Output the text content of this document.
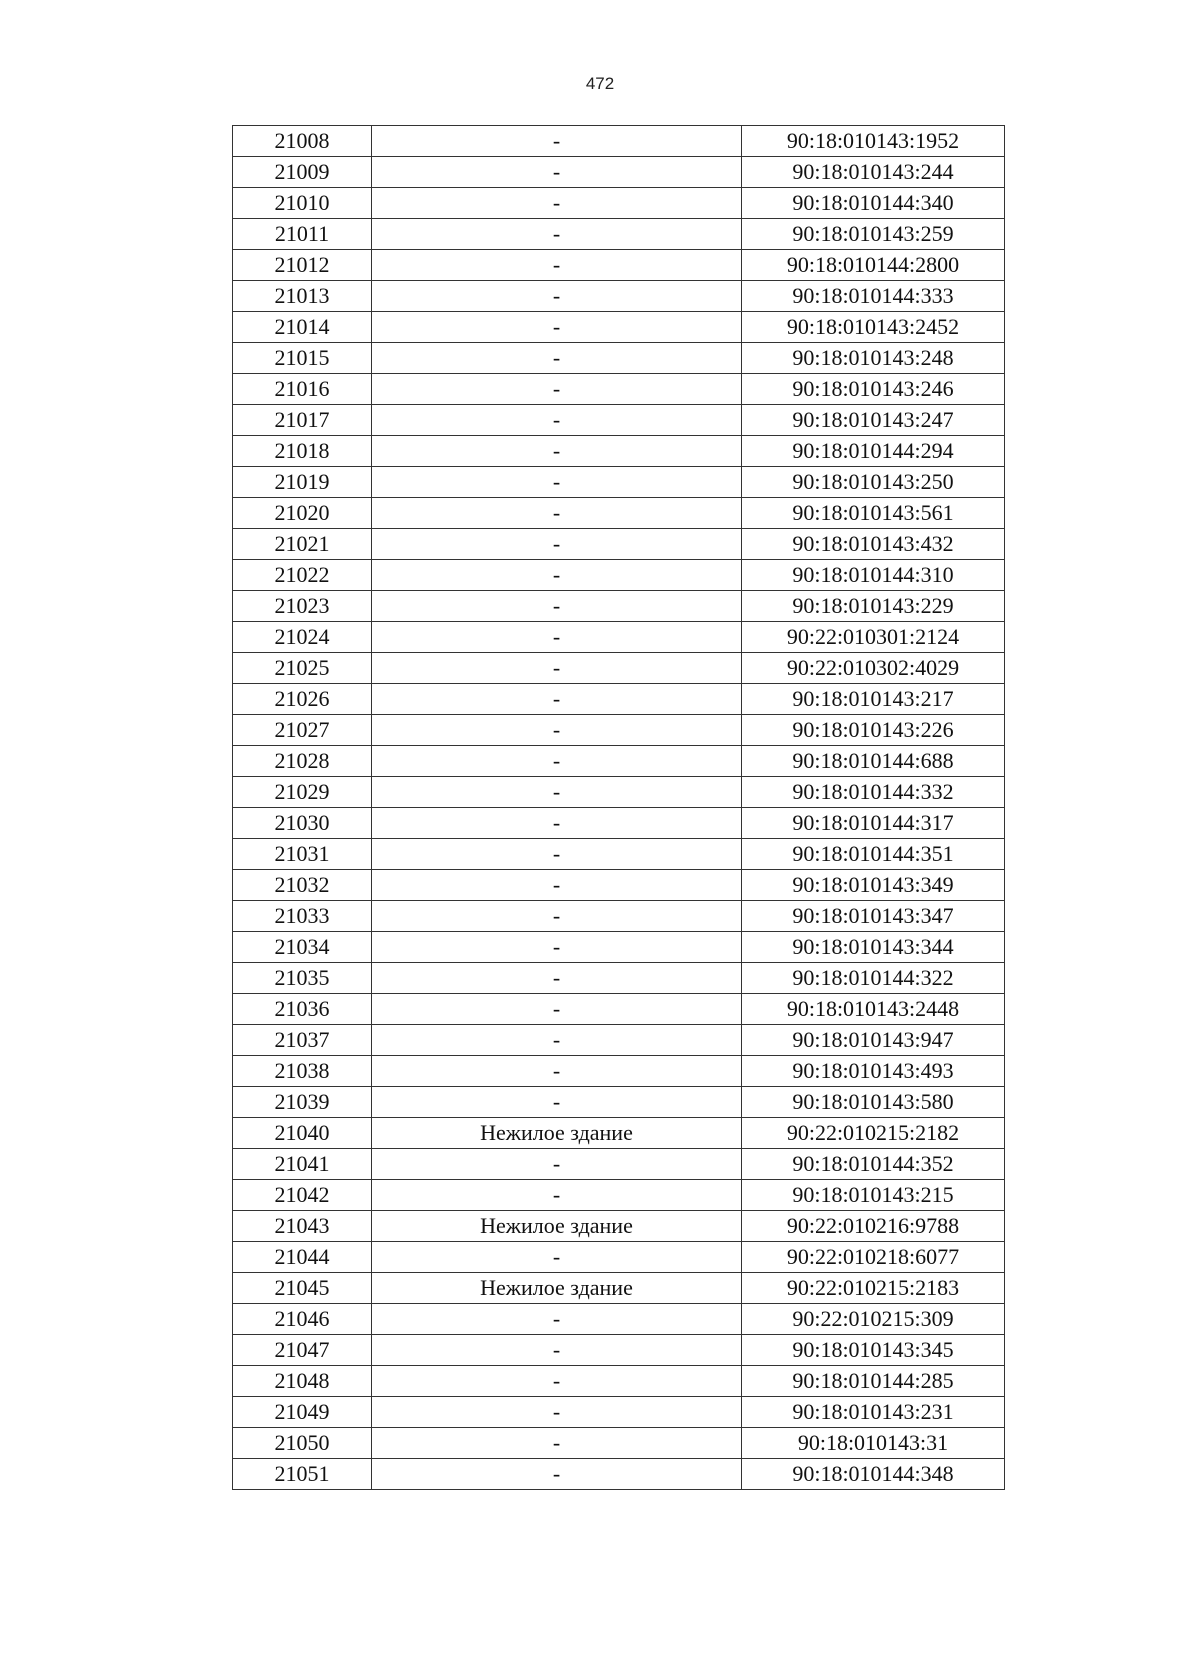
472
21008	-	90:18:010143:1952
21009	-	90:18:010143:244
21010	-	90:18:010144:340
21011	-	90:18:010143:259
21012	-	90:18:010144:2800
21013	-	90:18:010144:333
21014	-	90:18:010143:2452
21015	-	90:18:010143:248
21016	-	90:18:010143:246
21017	-	90:18:010143:247
21018	-	90:18:010144:294
21019	-	90:18:010143:250
21020	-	90:18:010143:561
21021	-	90:18:010143:432
21022	-	90:18:010144:310
21023	-	90:18:010143:229
21024	-	90:22:010301:2124
21025	-	90:22:010302:4029
21026	-	90:18:010143:217
21027	-	90:18:010143:226
21028	-	90:18:010144:688
21029	-	90:18:010144:332
21030	-	90:18:010144:317
21031	-	90:18:010144:351
21032	-	90:18:010143:349
21033	-	90:18:010143:347
21034	-	90:18:010143:344
21035	-	90:18:010144:322
21036	-	90:18:010143:2448
21037	-	90:18:010143:947
21038	-	90:18:010143:493
21039	-	90:18:010143:580
21040	Нежилое здание	90:22:010215:2182
21041	-	90:18:010144:352
21042	-	90:18:010143:215
21043	Нежилое здание	90:22:010216:9788
21044	-	90:22:010218:6077
21045	Нежилое здание	90:22:010215:2183
21046	-	90:22:010215:309
21047	-	90:18:010143:345
21048	-	90:18:010144:285
21049	-	90:18:010143:231
21050	-	90:18:010143:31
21051	-	90:18:010144:348
